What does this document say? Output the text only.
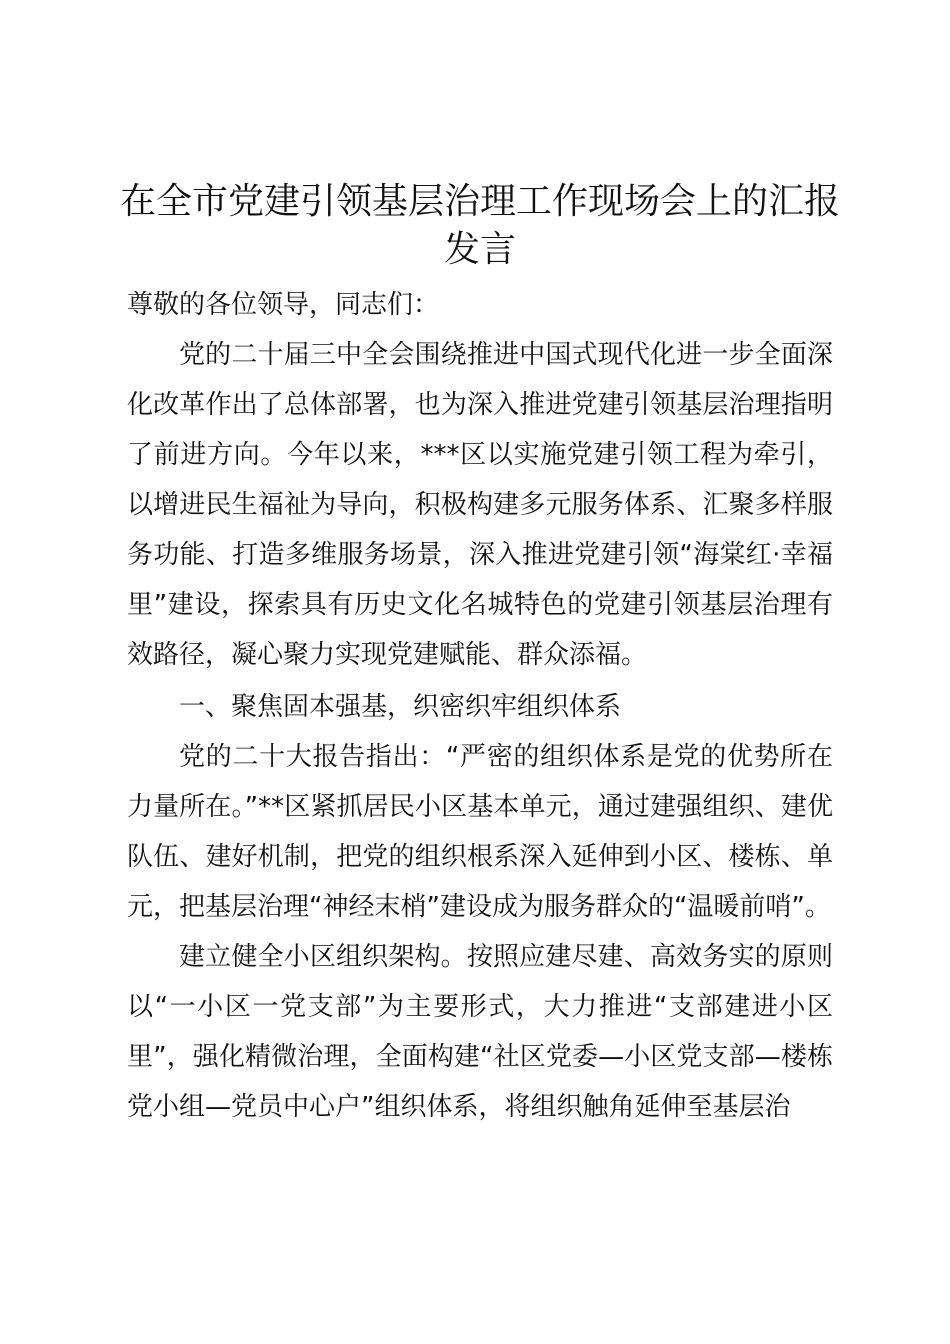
在全市党建引领基层治理工作现场会上的汇报发言

尊敬的各位领导，同志们：

党的二十届三中全会围绕推进中国式现代化进一步全面深化改革作出了总体部署，也为深入推进党建引领基层治理指明了前进方向。今年以来，***区以实施党建引领工程为牵引，以增进民生福祉为导向，积极构建多元服务体系、汇聚多样服务功能、打造多维服务场景，深入推进党建引领“海棠红·幸福里”建设，探索具有历史文化名城特色的党建引领基层治理有效路径，凝心聚力实现党建赋能、群众添福。

一、聚焦固本强基，织密织牢组织体系

党的二十大报告指出：“严密的组织体系是党的优势所在力量所在。”**区紧抓居民小区基本单元，通过建强组织、建优队伍、建好机制，把党的组织根系深入延伸到小区、楼栋、单元，把基层治理“神经末梢”建设成为服务群众的“温暖前哨”。

建立健全小区组织架构。按照应建尽建、高效务实的原则以“一小区一党支部”为主要形式，大力推进“支部建进小区里”，强化精微治理，全面构建“社区党委—小区党支部—楼栋党小组—党员中心户”组织体系，将组织触角延伸至基层治
